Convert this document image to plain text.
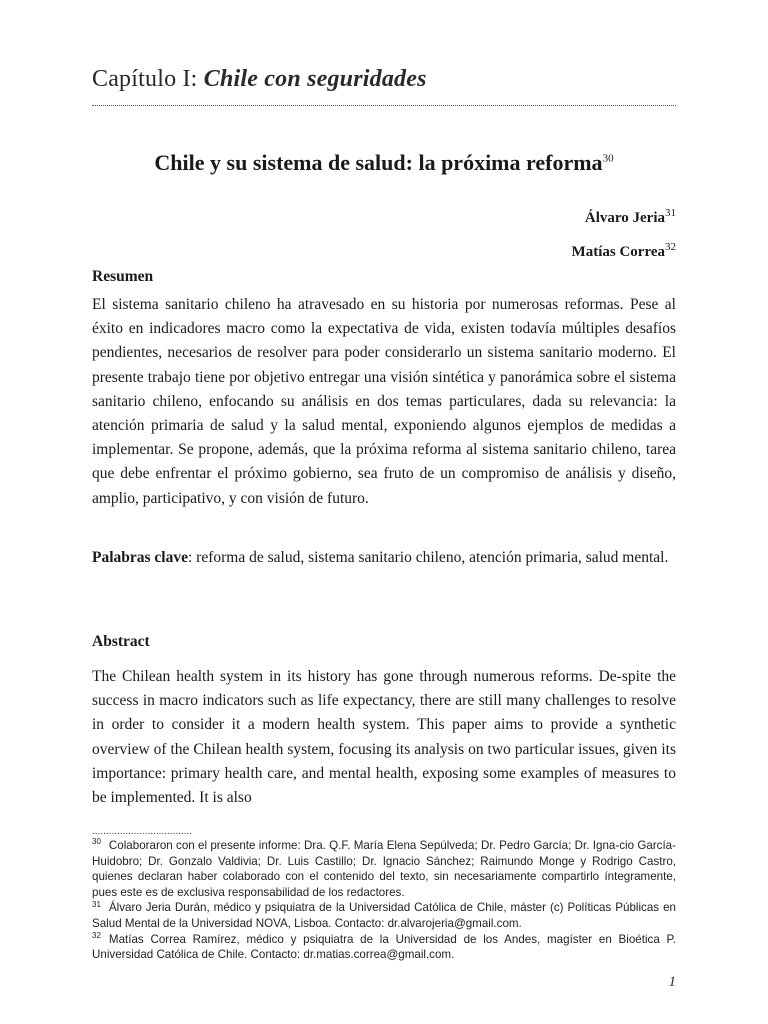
Capítulo I: Chile con seguridades
Chile y su sistema de salud: la próxima reforma$^{30}$
Álvaro Jeria$^{31}$
Matías Correa$^{32}$
Resumen

El sistema sanitario chileno ha atravesado en su historia por numerosas reformas. Pese al éxito en indicadores macro como la expectativa de vida, existen todavía múltiples desafíos pendientes, necesarios de resolver para poder considerarlo un sistema sanitario moderno. El presente trabajo tiene por objetivo entregar una visión sintética y panorámica sobre el sistema sanitario chileno, enfocando su análisis en dos temas particulares, dada su relevancia: la atención primaria de salud y la salud mental, exponiendo algunos ejemplos de medidas a implementar. Se propone, además, que la próxima reforma al sistema sanitario chileno, tarea que debe enfrentar el próximo gobierno, sea fruto de un compromiso de análisis y diseño, amplio, participativo, y con visión de futuro.

Palabras clave: reforma de salud, sistema sanitario chileno, atención primaria, salud mental.

Abstract

The Chilean health system in its history has gone through numerous reforms. De-spite the success in macro indicators such as life expectancy, there are still many challenges to resolve in order to consider it a modern health system. This paper aims to provide a synthetic overview of the Chilean health system, focusing its analysis on two particular issues, given its importance: primary health care, and mental health, exposing some examples of measures to be implemented. It is also

....................................

$^{30}$ Colaboraron con el presente informe: Dra. Q.F. María Elena Sepúlveda; Dr. Pedro García; Dr. Igna-cio García-Huidobro; Dr. Gonzalo Valdivia; Dr. Luis Castillo; Dr. Ignacio Sánchez; Raimundo Monge y Rodrigo Castro, quienes declaran haber colaborado con el contenido del texto, sin necesariamente compartirlo íntegramente, pues este es de exclusiva responsabilidad de los redactores.

$^{31}$ Álvaro Jeria Durán, médico y psiquiatra de la Universidad Católica de Chile, máster (c) Políticas Públicas en Salud Mental de la Universidad NOVA, Lisboa. Contacto: dr.alvarojeria@gmail.com.

$^{32}$ Matías Correa Ramírez, médico y psiquiatra de la Universidad de los Andes, magíster en Bioética P. Universidad Católica de Chile. Contacto: dr.matias.correa@gmail.com.

1
